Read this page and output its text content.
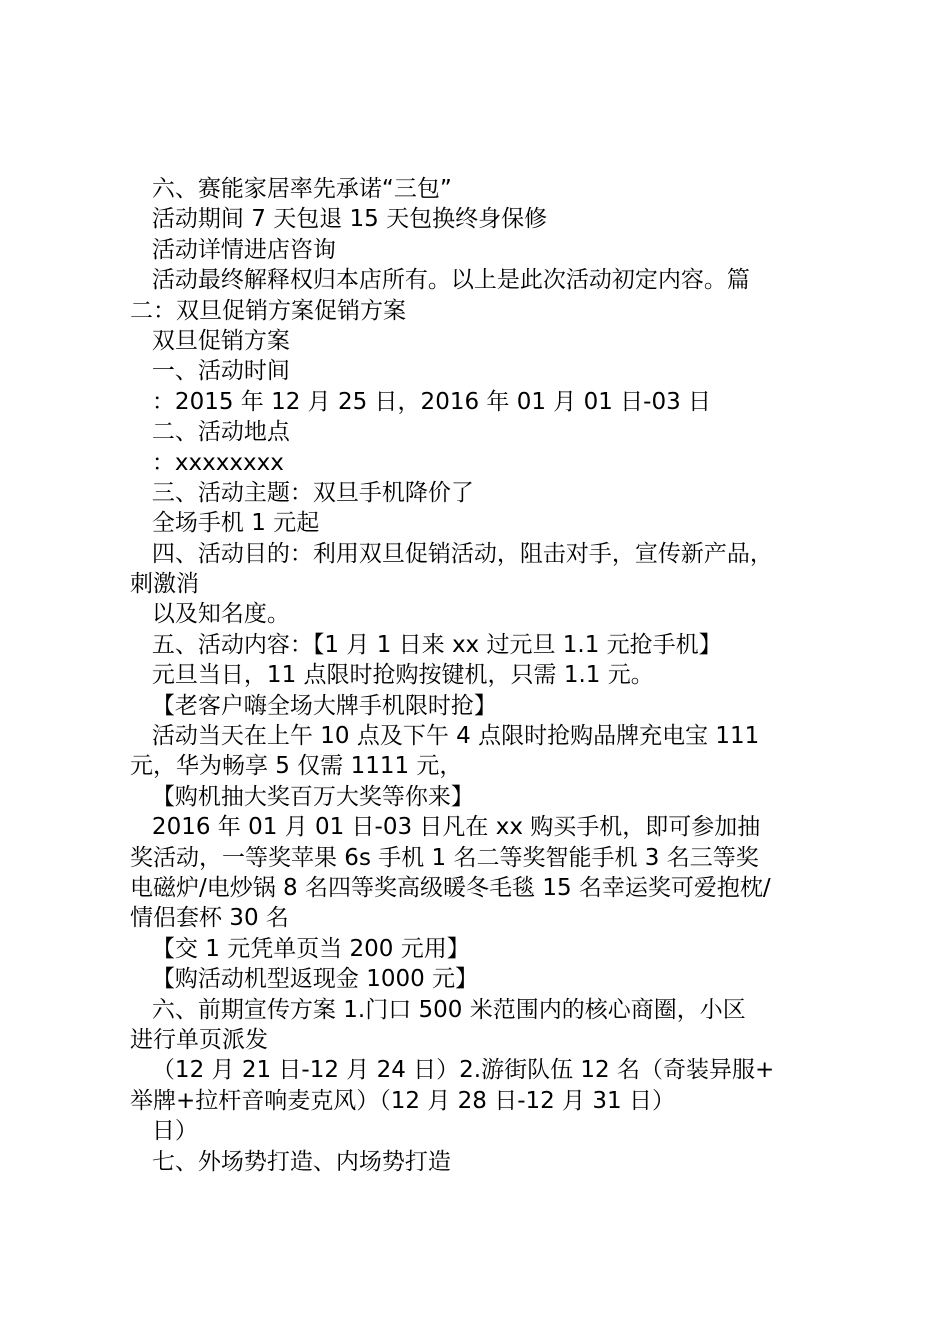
六、赛能家居率先承诺“三包”
活动期间 7 天包退 15 天包换终身保修
活动详情进店咨询
活动最终解释权归本店所有。以上是此次活动初定内容。篇
二：双旦促销方案促销方案
双旦促销方案
一、活动时间
：2015 年 12 月 25 日，2016 年 01 月 01 日-03 日
二、活动地点
：xxxxxxxx
三、活动主题：双旦手机降价了
全场手机 1 元起
四、活动目的：利用双旦促销活动，阻击对手，宣传新产品，
刺激消
以及知名度。
五、活动内容：【1 月 1 日来 xx 过元旦 1.1 元抢手机】
元旦当日，11 点限时抢购按键机，只需 1.1 元。
【老客户嗨全场大牌手机限时抢】
活动当天在上午 10 点及下午 4 点限时抢购品牌充电宝 111
元，华为畅享 5 仅需 1111 元，
【购机抽大奖百万大奖等你来】
2016 年 01 月 01 日-03 日凡在 xx 购买手机，即可参加抽
奖活动，一等奖苹果 6s 手机 1 名二等奖智能手机 3 名三等奖
电磁炉/电炒锅 8 名四等奖高级暖冬毛毯 15 名幸运奖可爱抱枕/
情侣套杯 30 名
【交 1 元凭单页当 200 元用】
【购活动机型返现金 1000 元】
六、前期宣传方案 1.门口 500 米范围内的核心商圈，小区
进行单页派发
（12 月 21 日-12 月 24 日）2.游街队伍 12 名（奇装异服+
举牌+拉杆音响麦克风）（12 月 28 日-12 月 31 日）
日）
七、外场势打造、内场势打造
